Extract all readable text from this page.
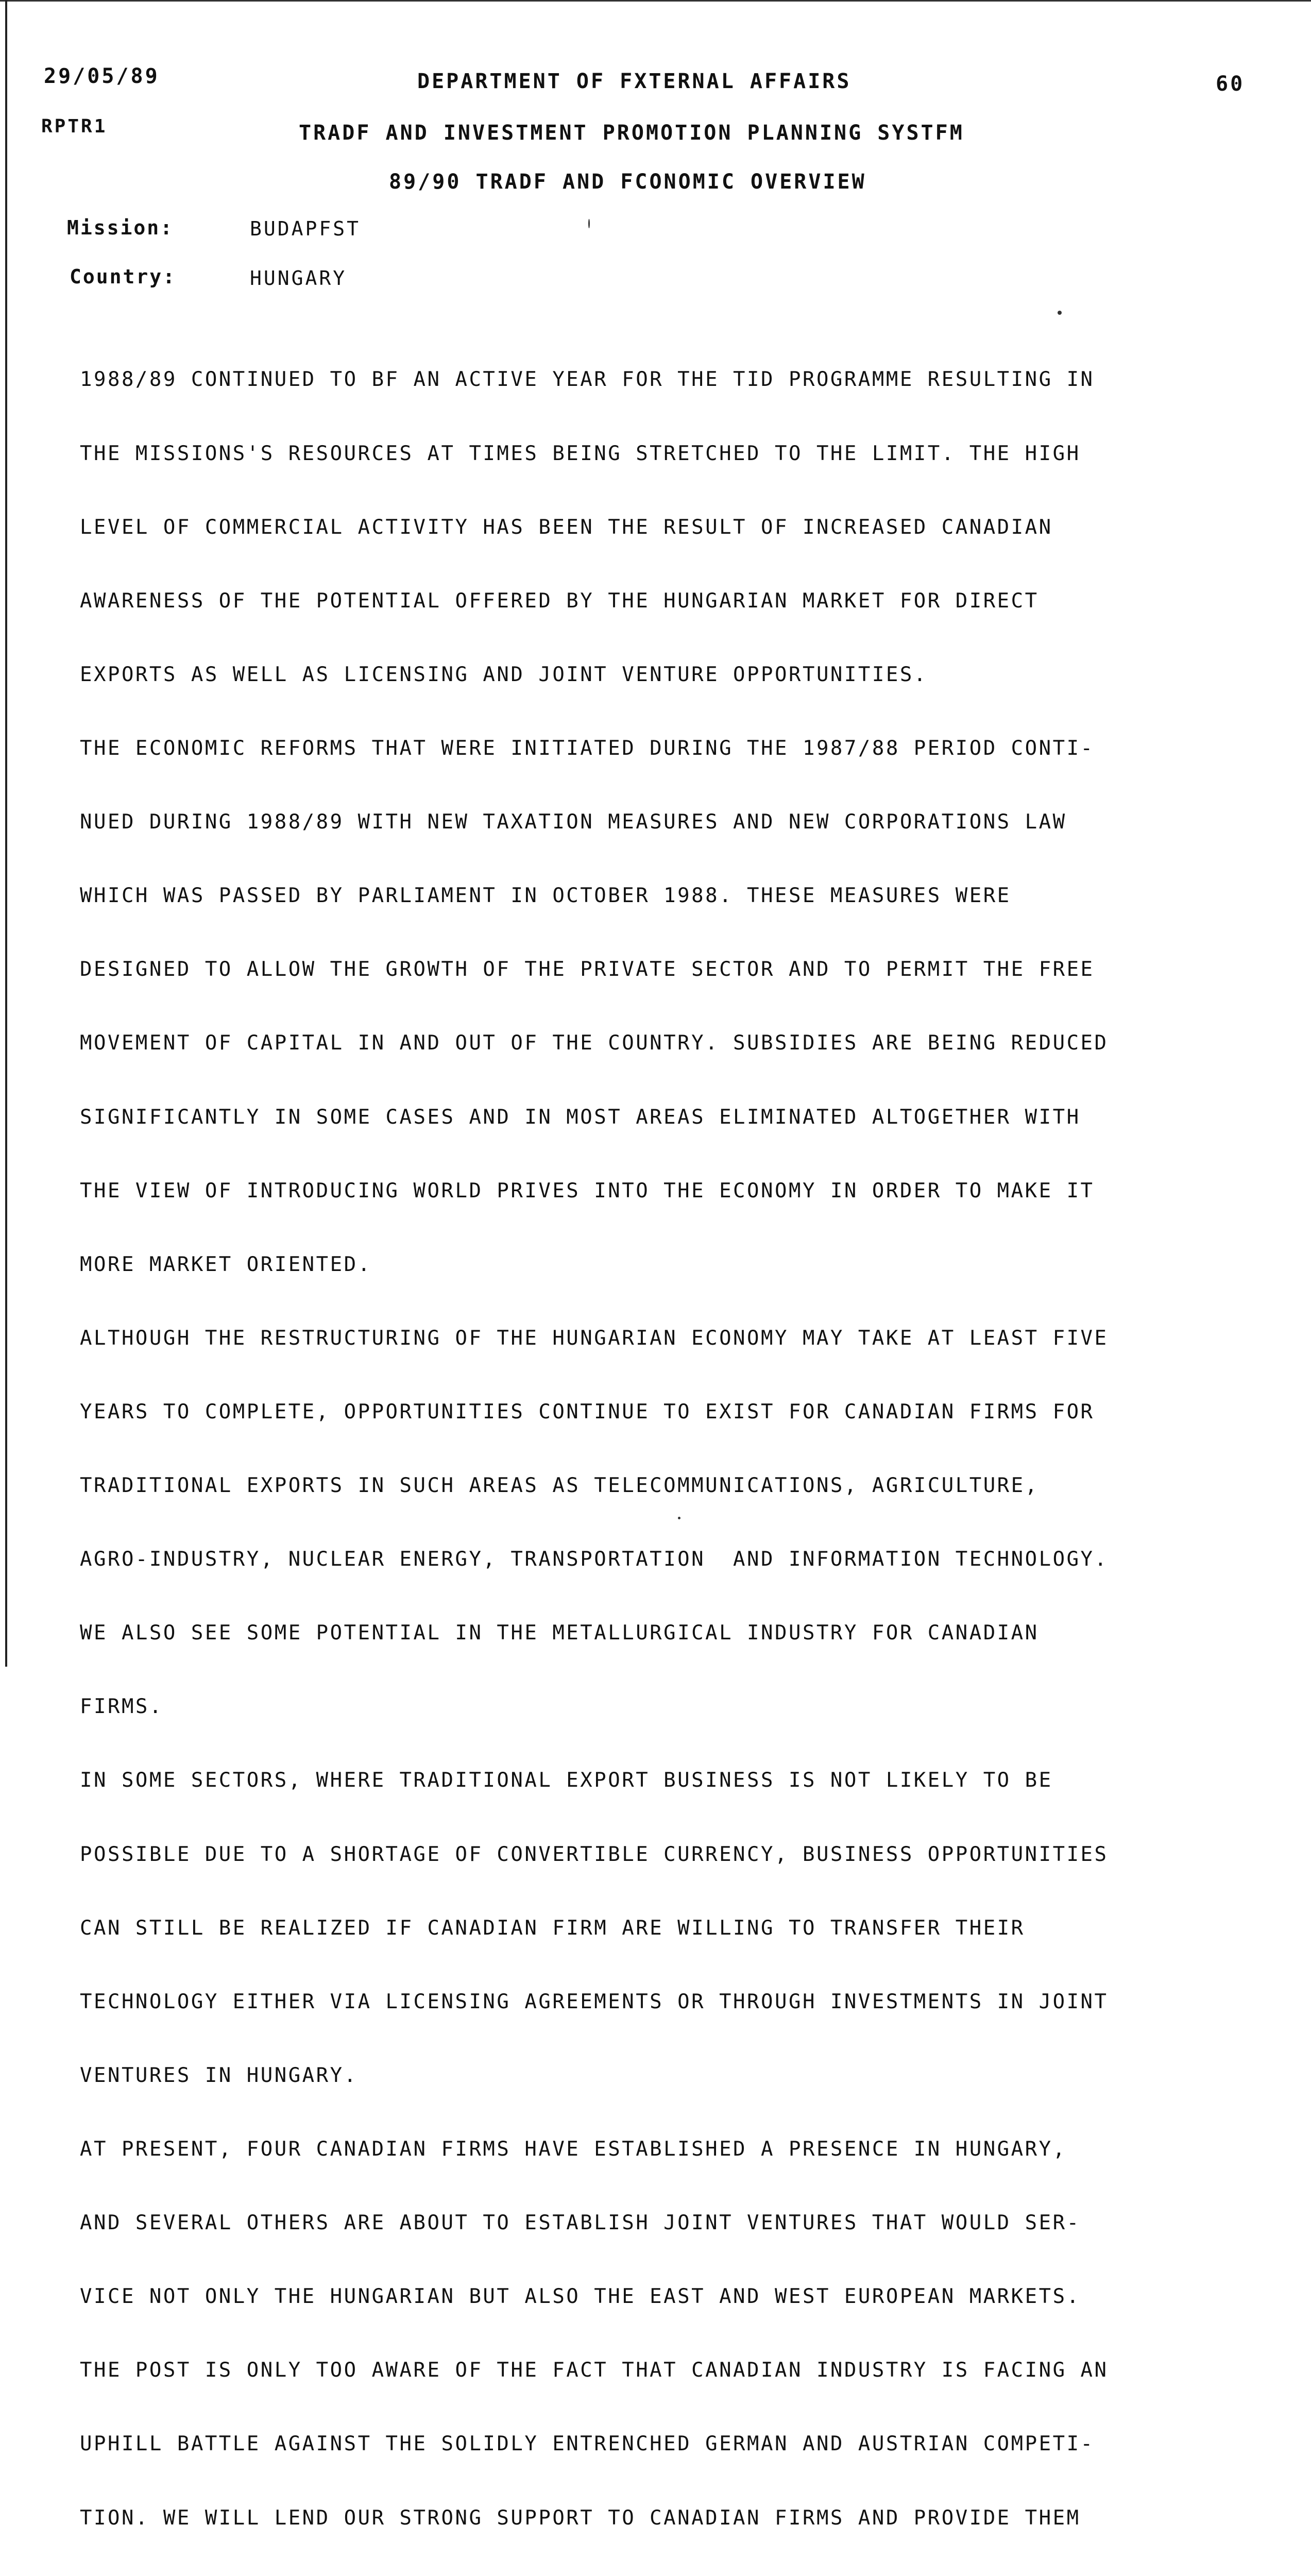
29/05/89	DEPARTMENT OF FXTERNAL AFFAIRS	60
RPTR1	TRADF AND INVESTMENT PROMOTION PLANNING SYSTFM
89/90 TRADF AND FCONOMIC OVERVIEW
Mission:	BUDAPFST
Country:	HUNGARY

1988/89 CONTINUED TO BF AN ACTIVE YEAR FOR THE TID PROGRAMME RESULTING IN

THE MISSIONS'S RESOURCES AT TIMES BEING STRETCHED TO THE LIMIT. THE HIGH

LEVEL OF COMMERCIAL ACTIVITY HAS BEEN THE RESULT OF INCREASED CANADIAN

AWARENESS OF THE POTENTIAL OFFERED BY THE HUNGARIAN MARKET FOR DIRECT

EXPORTS AS WELL AS LICENSING AND JOINT VENTURE OPPORTUNITIES.

THE ECONOMIC REFORMS THAT WERE INITIATED DURING THE 1987/88 PERIOD CONTI-

NUED DURING 1988/89 WITH NEW TAXATION MEASURES AND NEW CORPORATIONS LAW

WHICH WAS PASSED BY PARLIAMENT IN OCTOBER 1988. THESE MEASURES WERE

DESIGNED TO ALLOW THE GROWTH OF THE PRIVATE SECTOR AND TO PERMIT THE FREE

MOVEMENT OF CAPITAL IN AND OUT OF THE COUNTRY. SUBSIDIES ARE BEING REDUCED

SIGNIFICANTLY IN SOME CASES AND IN MOST AREAS ELIMINATED ALTOGETHER WITH

THE VIEW OF INTRODUCING WORLD PRIVES INTO THE ECONOMY IN ORDER TO MAKE IT

MORE MARKET ORIENTED.

ALTHOUGH THE RESTRUCTURING OF THE HUNGARIAN ECONOMY MAY TAKE AT LEAST FIVE

YEARS TO COMPLETE, OPPORTUNITIES CONTINUE TO EXIST FOR CANADIAN FIRMS FOR

TRADITIONAL EXPORTS IN SUCH AREAS AS TELECOMMUNICATIONS, AGRICULTURE,

AGRO-INDUSTRY, NUCLEAR ENERGY, TRANSPORTATION  AND INFORMATION TECHNOLOGY.

WE ALSO SEE SOME POTENTIAL IN THE METALLURGICAL INDUSTRY FOR CANADIAN

FIRMS.

IN SOME SECTORS, WHERE TRADITIONAL EXPORT BUSINESS IS NOT LIKELY TO BE

POSSIBLE DUE TO A SHORTAGE OF CONVERTIBLE CURRENCY, BUSINESS OPPORTUNITIES

CAN STILL BE REALIZED IF CANADIAN FIRM ARE WILLING TO TRANSFER THEIR

TECHNOLOGY EITHER VIA LICENSING AGREEMENTS OR THROUGH INVESTMENTS IN JOINT

VENTURES IN HUNGARY.

AT PRESENT, FOUR CANADIAN FIRMS HAVE ESTABLISHED A PRESENCE IN HUNGARY,

AND SEVERAL OTHERS ARE ABOUT TO ESTABLISH JOINT VENTURES THAT WOULD SER-

VICE NOT ONLY THE HUNGARIAN BUT ALSO THE EAST AND WEST EUROPEAN MARKETS.

THE POST IS ONLY TOO AWARE OF THE FACT THAT CANADIAN INDUSTRY IS FACING AN

UPHILL BATTLE AGAINST THE SOLIDLY ENTRENCHED GERMAN AND AUSTRIAN COMPETI-

TION. WE WILL LEND OUR STRONG SUPPORT TO CANADIAN FIRMS AND PROVIDE THEM
